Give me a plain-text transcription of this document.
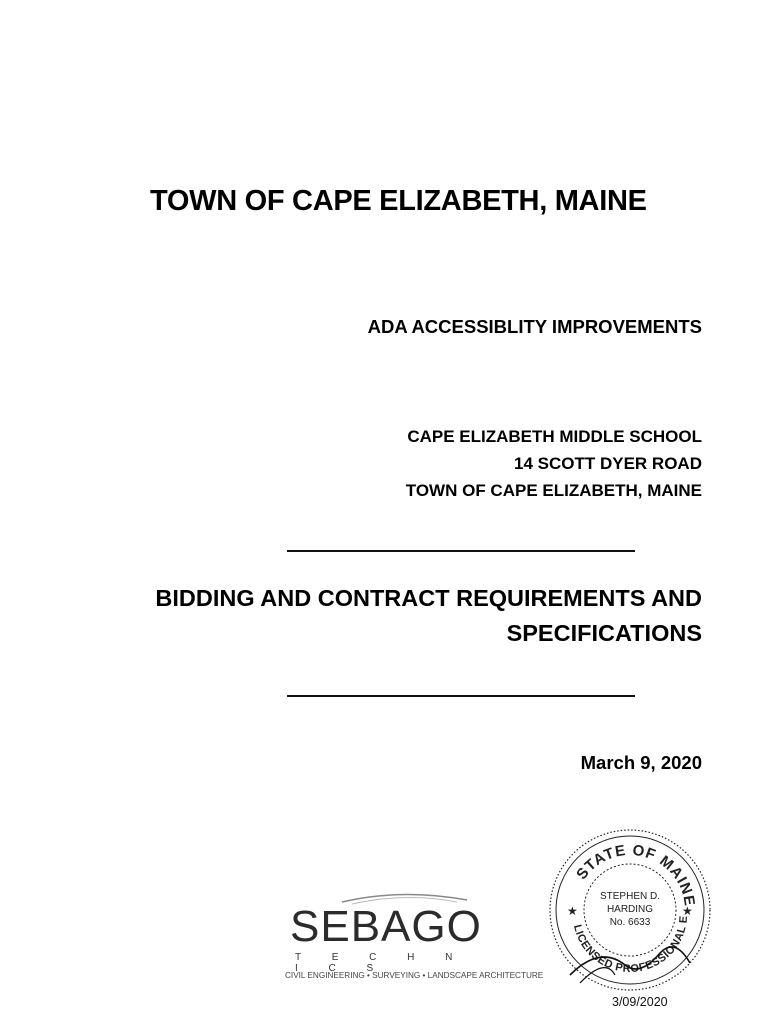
TOWN OF CAPE ELIZABETH, MAINE
ADA ACCESSIBLITY IMPROVEMENTS
CAPE ELIZABETH MIDDLE SCHOOL
14 SCOTT DYER ROAD
TOWN OF CAPE ELIZABETH, MAINE
BIDDING AND CONTRACT REQUIREMENTS AND
SPECIFICATIONS
March 9, 2020
SEBAGO
T E C H N I C S
CIVIL ENGINEERING • SURVEYING • LANDSCAPE ARCHITECTURE
STATE OF MAINE
LICENSED PROFESSIONAL E
STEPHEN D.
HARDING
No. 6633
★	★
3/09/2020
